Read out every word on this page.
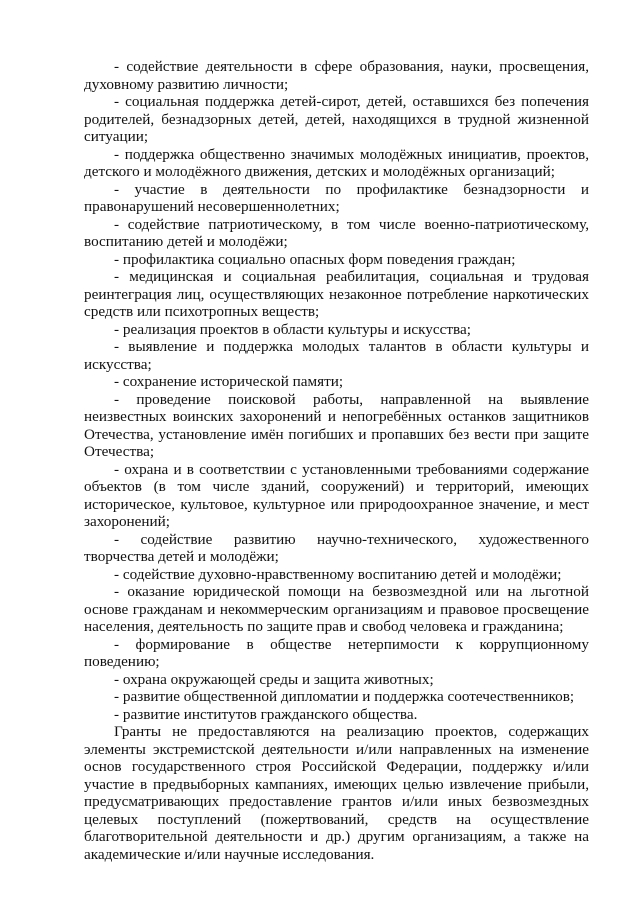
- содействие деятельности в сфере образования, науки, просвещения, духовному развитию личности;

- социальная поддержка детей-сирот, детей, оставшихся без попечения родителей, безнадзорных детей, детей, находящихся в трудной жизненной ситуации;

- поддержка общественно значимых молодёжных инициатив, проектов, детского и молодёжного движения, детских и молодёжных организаций;

- участие в деятельности по профилактике безнадзорности и правонарушений несовершеннолетних;

- содействие патриотическому, в том числе военно-патриотическому, воспитанию детей и молодёжи;

- профилактика социально опасных форм поведения граждан;

- медицинская и социальная реабилитация, социальная и трудовая реинтеграция лиц, осуществляющих незаконное потребление наркотических средств или психотропных веществ;

- реализация проектов в области культуры и искусства;

- выявление и поддержка молодых талантов в области культуры и искусства;

- сохранение исторической памяти;

- проведение поисковой работы, направленной на выявление неизвестных воинских захоронений и непогребённых останков защитников Отечества, установление имён погибших и пропавших без вести при защите Отечества;

- охрана и в соответствии с установленными требованиями содержание объектов (в том числе зданий, сооружений) и территорий, имеющих историческое, культовое, культурное или природоохранное значение, и мест захоронений;

- содействие развитию научно-технического, художественного творчества детей и молодёжи;

- содействие духовно-нравственному воспитанию детей и молодёжи;

- оказание юридической помощи на безвозмездной или на льготной основе гражданам и некоммерческим организациям и правовое просвещение населения, деятельность по защите прав и свобод человека и гражданина;

- формирование в обществе нетерпимости к коррупционному поведению;

- охрана окружающей среды и защита животных;

- развитие общественной дипломатии и поддержка соотечественников;

- развитие институтов гражданского общества.

Гранты не предоставляются на реализацию проектов, содержащих элементы экстремистской деятельности и/или направленных на изменение основ государственного строя Российской Федерации, поддержку и/или участие в предвыборных кампаниях, имеющих целью извлечение прибыли, предусматривающих предоставление грантов и/или иных безвозмездных целевых поступлений (пожертвований, средств на осуществление благотворительной деятельности и др.) другим организациям, а также на академические и/или научные исследования.
